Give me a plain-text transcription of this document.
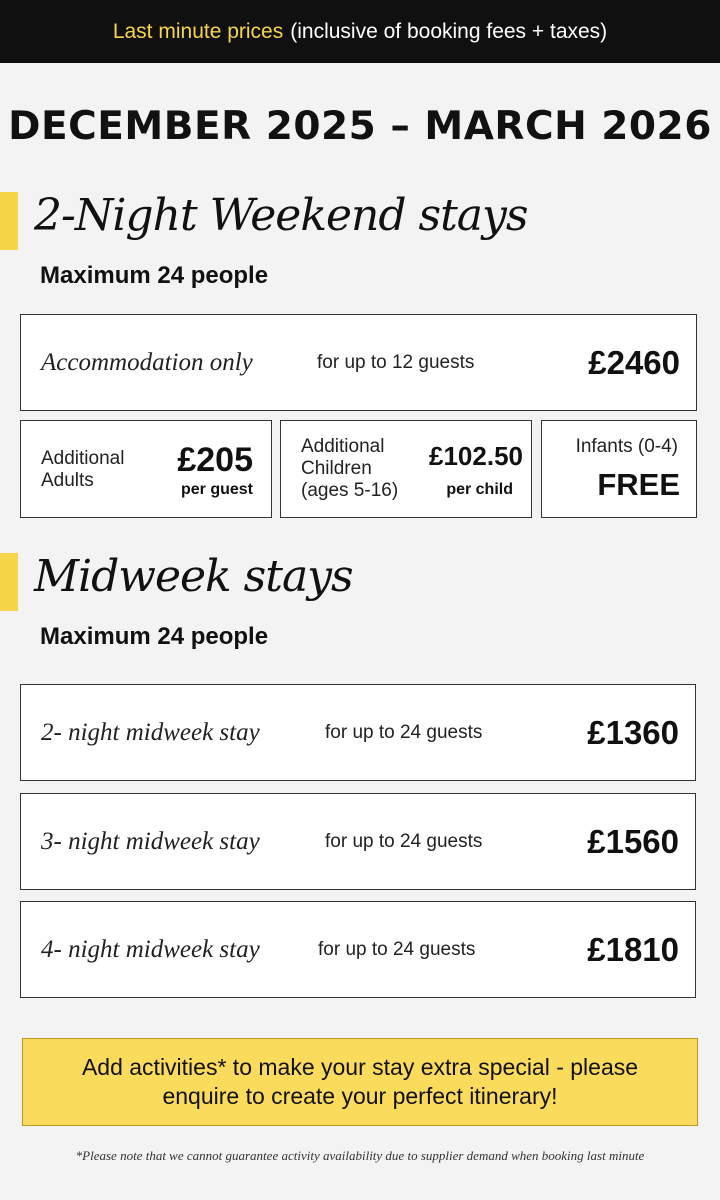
Last minute prices (inclusive of booking fees + taxes)
DECEMBER 2025 – MARCH 2026
2-Night Weekend stays
Maximum 24 people
Accommodation only	for up to 12 guests	£2460
Additional Adults
£205
per guest
Additional Children (ages 5-16)
£102.50
per child
Infants (0-4)
FREE
Midweek stays
Maximum 24 people
2- night midweek stay	for up to 24 guests	£1360
3- night midweek stay	for up to 24 guests	£1560
4- night midweek stay	for up to 24 guests	£1810
Add activities* to make your stay extra special - please enquire to create your perfect itinerary!
*Please note that we cannot guarantee activity availability due to supplier demand when booking last minute
